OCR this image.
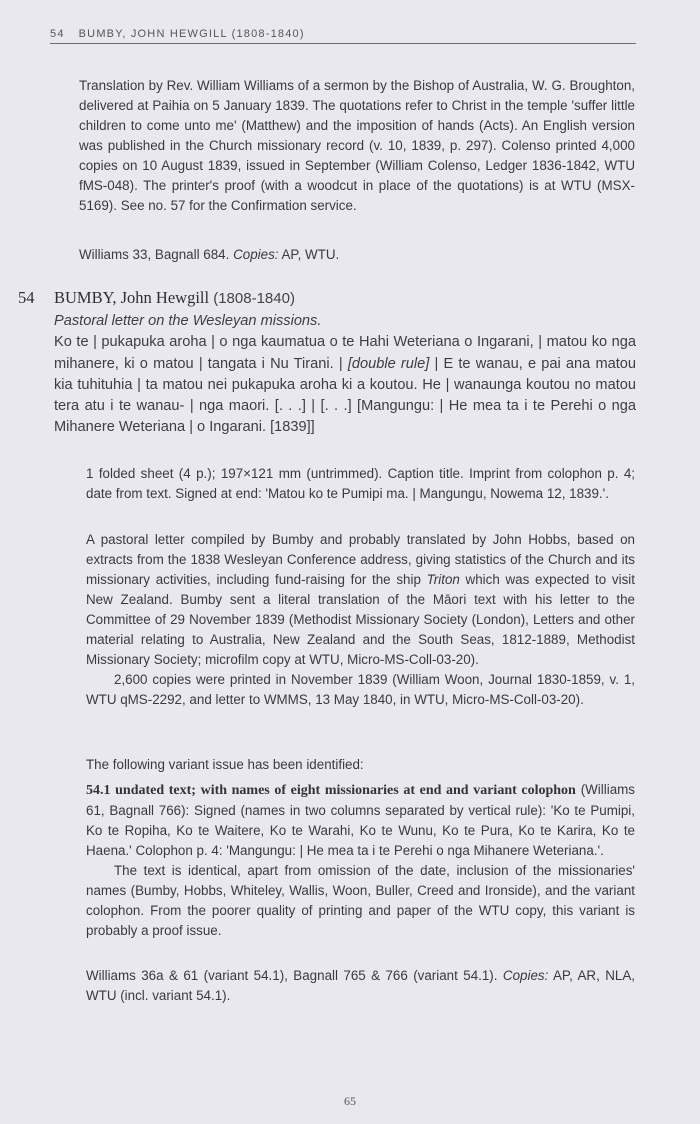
54 BUMBY, JOHN HEWGILL (1808-1840)

Translation by Rev. William Williams of a sermon by the Bishop of Australia, W. G. Broughton, delivered at Paihia on 5 January 1839. The quotations refer to Christ in the temple 'suffer little children to come unto me' (Matthew) and the imposition of hands (Acts). An English version was published in the Church missionary record (v. 10, 1839, p. 297). Colenso printed 4,000 copies on 10 August 1839, issued in September (William Colenso, Ledger 1836-1842, WTU fMS-048). The printer's proof (with a woodcut in place of the quotations) is at WTU (MSX-5169). See no. 57 for the Confirmation service.

Williams 33, Bagnall 684. Copies: AP, WTU.
54 BUMBY, John Hewgill (1808-1840)
Pastoral letter on the Wesleyan missions.
Ko te | pukapuka aroha | o nga kaumatua o te Hahi Weteriana o Ingarani, | matou ko nga mihanere, ki o matou | tangata i Nu Tirani. | [double rule] | E te wanau, e pai ana matou kia tuhituhia | ta matou nei pukapuka aroha ki a koutou. He | wanaunga koutou no matou tera atu i te wanau- | nga maori. [. . .] | [. . .] [Mangungu: | He mea ta i te Perehi o nga Mihanere Weteriana | o Ingarani. [1839]]

1 folded sheet (4 p.); 197×121 mm (untrimmed). Caption title. Imprint from colophon p. 4; date from text. Signed at end: 'Matou ko te Pumipi ma. | Mangungu, Nowema 12, 1839.'.

A pastoral letter compiled by Bumby and probably translated by John Hobbs, based on extracts from the 1838 Wesleyan Conference address, giving statistics of the Church and its missionary activities, including fund-raising for the ship Triton which was expected to visit New Zealand. Bumby sent a literal translation of the Māori text with his letter to the Committee of 29 November 1839 (Methodist Missionary Society (London), Letters and other material relating to Australia, New Zealand and the South Seas, 1812-1889, Methodist Missionary Society; microfilm copy at WTU, Micro-MS-Coll-03-20).

2,600 copies were printed in November 1839 (William Woon, Journal 1830-1859, v. 1, WTU qMS-2292, and letter to WMMS, 13 May 1840, in WTU, Micro-MS-Coll-03-20).

The following variant issue has been identified:

54.1 undated text; with names of eight missionaries at end and variant colophon (Williams 61, Bagnall 766): Signed (names in two columns separated by vertical rule): 'Ko te Pumipi, Ko te Ropiha, Ko te Waitere, Ko te Warahi, Ko te Wunu, Ko te Pura, Ko te Karira, Ko te Haena.' Colophon p. 4: 'Mangungu: | He mea ta i te Perehi o nga Mihanere Weteriana.'.

The text is identical, apart from omission of the date, inclusion of the missionaries' names (Bumby, Hobbs, Whiteley, Wallis, Woon, Buller, Creed and Ironside), and the variant colophon. From the poorer quality of printing and paper of the WTU copy, this variant is probably a proof issue.

Williams 36a & 61 (variant 54.1), Bagnall 765 & 766 (variant 54.1). Copies: AP, AR, NLA, WTU (incl. variant 54.1).
65
